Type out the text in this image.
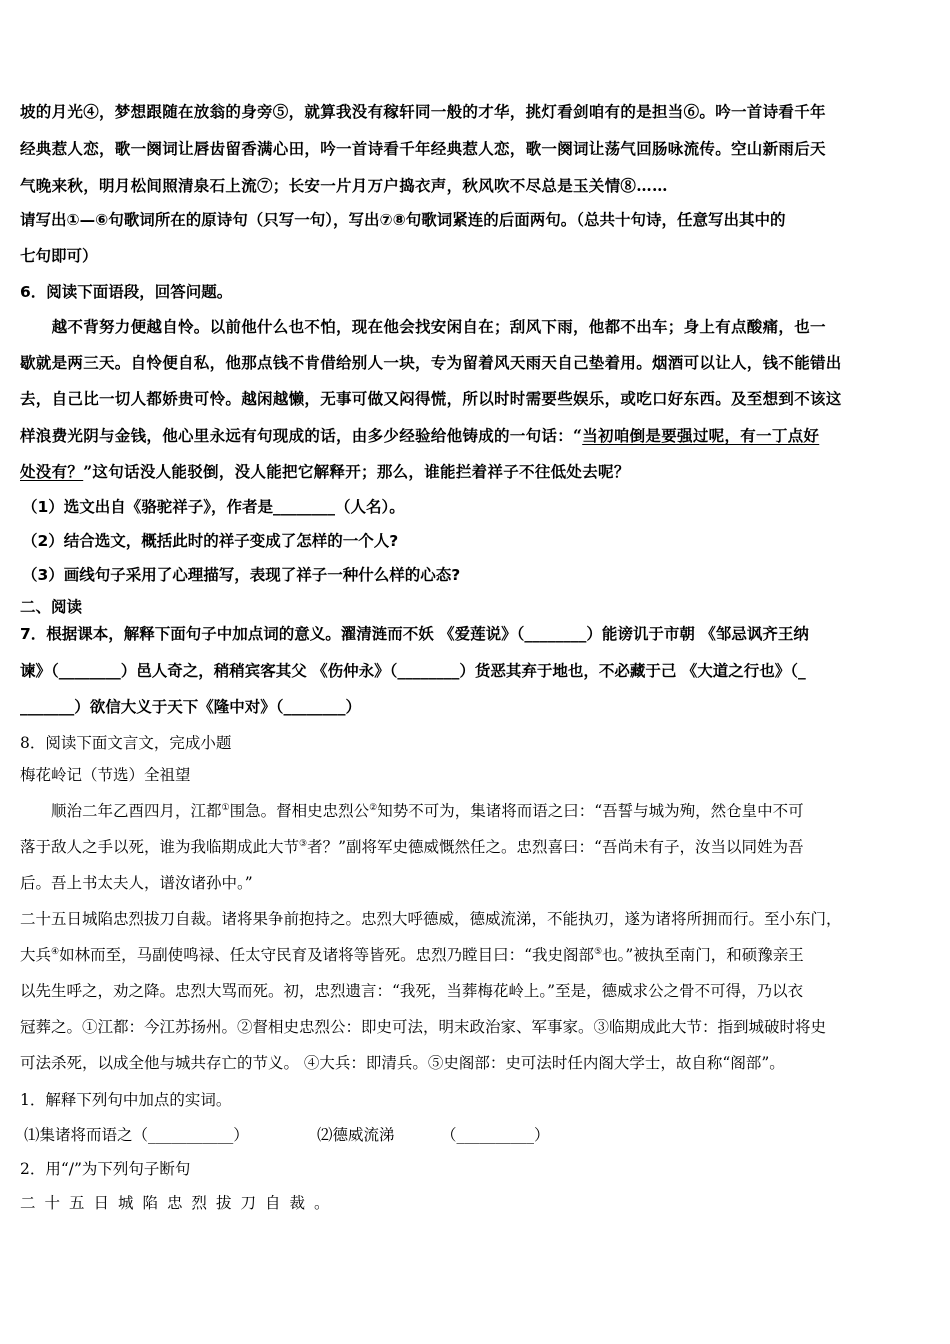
坡的月光④，梦想跟随在放翁的身旁⑤，就算我没有稼轩同一般的才华，挑灯看剑咱有的是担当⑥。吟一首诗看千年
经典惹人恋，歌一阕词让唇齿留香满心田，吟一首诗看千年经典惹人恋，歌一阕词让荡气回肠咏流传。空山新雨后天
气晚来秋，明月松间照清泉石上流⑦；长安一片月万户捣衣声，秋风吹不尽总是玉关情⑧……
请写出①—⑥句歌词所在的原诗句（只写一句），写出⑦⑧句歌词紧连的后面两句。（总共十句诗，任意写出其中的
七句即可）
6．阅读下面语段，回答问题。
　　越不背努力便越自怜。以前他什么也不怕，现在他会找安闲自在；刮风下雨，他都不出车；身上有点酸痛，也一
歇就是两三天。自怜便自私，他那点钱不肯借给别人一块，专为留着风天雨天自己垫着用。烟酒可以让人，钱不能错出
去，自己比一切人都娇贵可怜。越闲越懒，无事可做又闷得慌，所以时时需要些娱乐，或吃口好东西。及至想到不该这
样浪费光阴与金钱，他心里永远有句现成的话，由多少经验给他铸成的一句话：“当初咱倒是要强过呢，有一丁点好
处没有？”这句话没人能驳倒，没人能把它解释开；那么，谁能拦着祥子不往低处去呢？
（1）选文出自《骆驼祥子》，作者是________（人名）。
（2）结合选文，概括此时的祥子变成了怎样的一个人?
（3）画线句子采用了心理描写，表现了祥子一种什么样的心态?
二、阅读
7．根据课本，解释下面句子中加点词的意义。濯清涟而不妖 《爱莲说》（________）能谤讥于市朝 《邹忌讽齐王纳
谏》（________）邑人奇之，稍稍宾客其父 《伤仲永》（________）货恶其弃于地也，不必藏于己 《大道之行也》（_
_______）欲信大义于天下《隆中对》（________）
8．阅读下面文言文，完成小题
梅花岭记（节选）全祖望
　　顺治二年乙酉四月，江都①围急。督相史忠烈公②知势不可为，集诸将而语之曰：“吾誓与城为殉，然仓皇中不可
落于敌人之手以死，谁为我临期成此大节③者？”副将军史德威慨然任之。忠烈喜曰：“吾尚未有子，汝当以同姓为吾
后。吾上书太夫人，谱汝诸孙中。”
二十五日城陷忠烈拔刀自裁。诸将果争前抱持之。忠烈大呼德威，德威流涕，不能执刃，遂为诸将所拥而行。至小东门，
大兵④如林而至，马副使鸣禄、任太守民育及诸将等皆死。忠烈乃瞠目曰：“我史阁部⑤也。”被执至南门，和硕豫亲王
以先生呼之，劝之降。忠烈大骂而死。初，忠烈遗言：“我死，当葬梅花岭上。”至是，德威求公之骨不可得，乃以衣
冠葬之。①江都：今江苏扬州。②督相史忠烈公：即史可法，明末政治家、军事家。③临期成此大节：指到城破时将史
可法杀死，以成全他与城共存亡的节义。 ④大兵：即清兵。⑤史阁部：史可法时任内阁大学士，故自称“阁部”。
1．解释下列句中加点的实词。
⑴集诸将而语之（___________）	⑵德威流涕	（__________）
2．用“/”为下列句子断句
二十五日城陷忠烈拔刀自裁。
